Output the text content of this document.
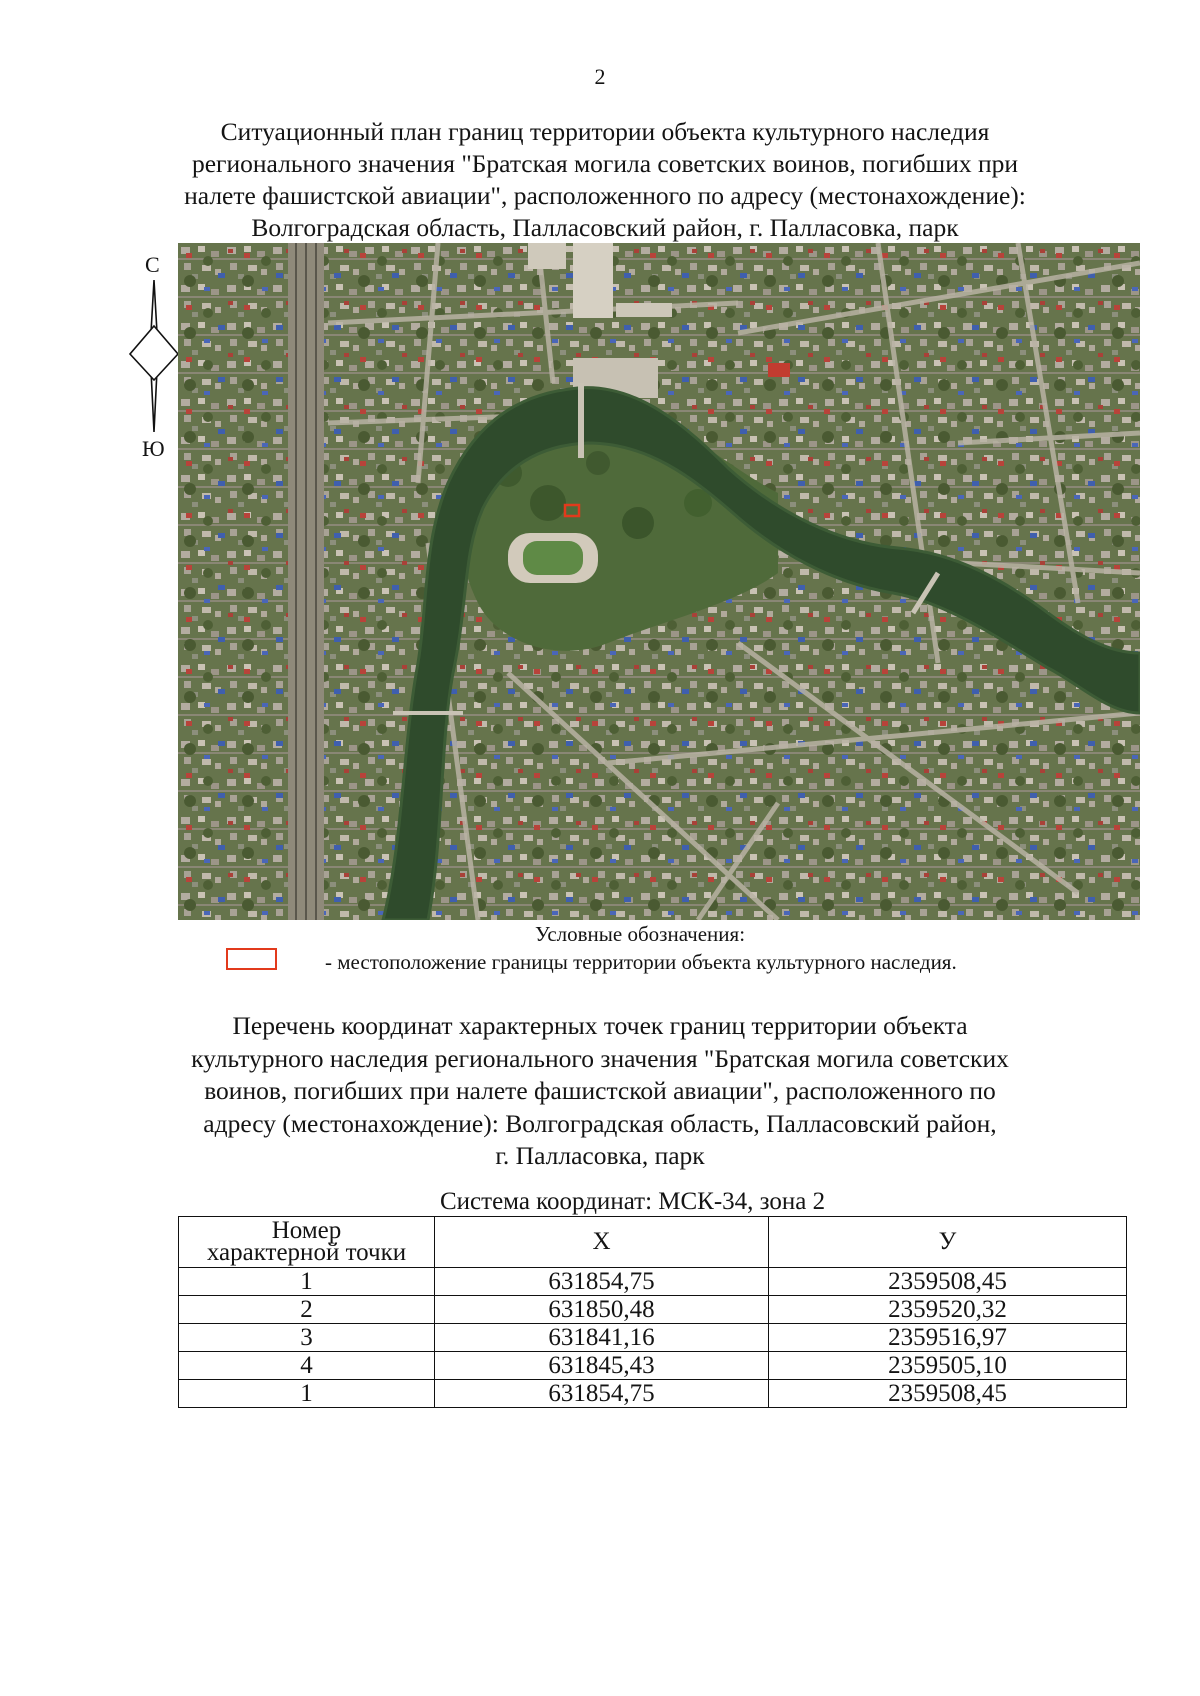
2
Ситуационный план границ территории объекта культурного наследия
регионального значения "Братская могила советских воинов, погибших при
налете фашистской авиации", расположенного по адресу (местонахождение):
Волгоградская область, Палласовский район, г. Палласовка, парк
С
Ю
Условные обозначения:
- местоположение границы территории объекта культурного наследия.
Перечень координат характерных точек границ территории объекта
культурного наследия регионального значения "Братская могила советских
воинов, погибших при налете фашистской авиации", расположенного по
адресу (местонахождение): Волгоградская область, Палласовский район,
г. Палласовка, парк
Система координат: МСК-34, зона 2
Номер
характерной точки	X	У
1	631854,75	2359508,45
2	631850,48	2359520,32
3	631841,16	2359516,97
4	631845,43	2359505,10
1	631854,75	2359508,45
